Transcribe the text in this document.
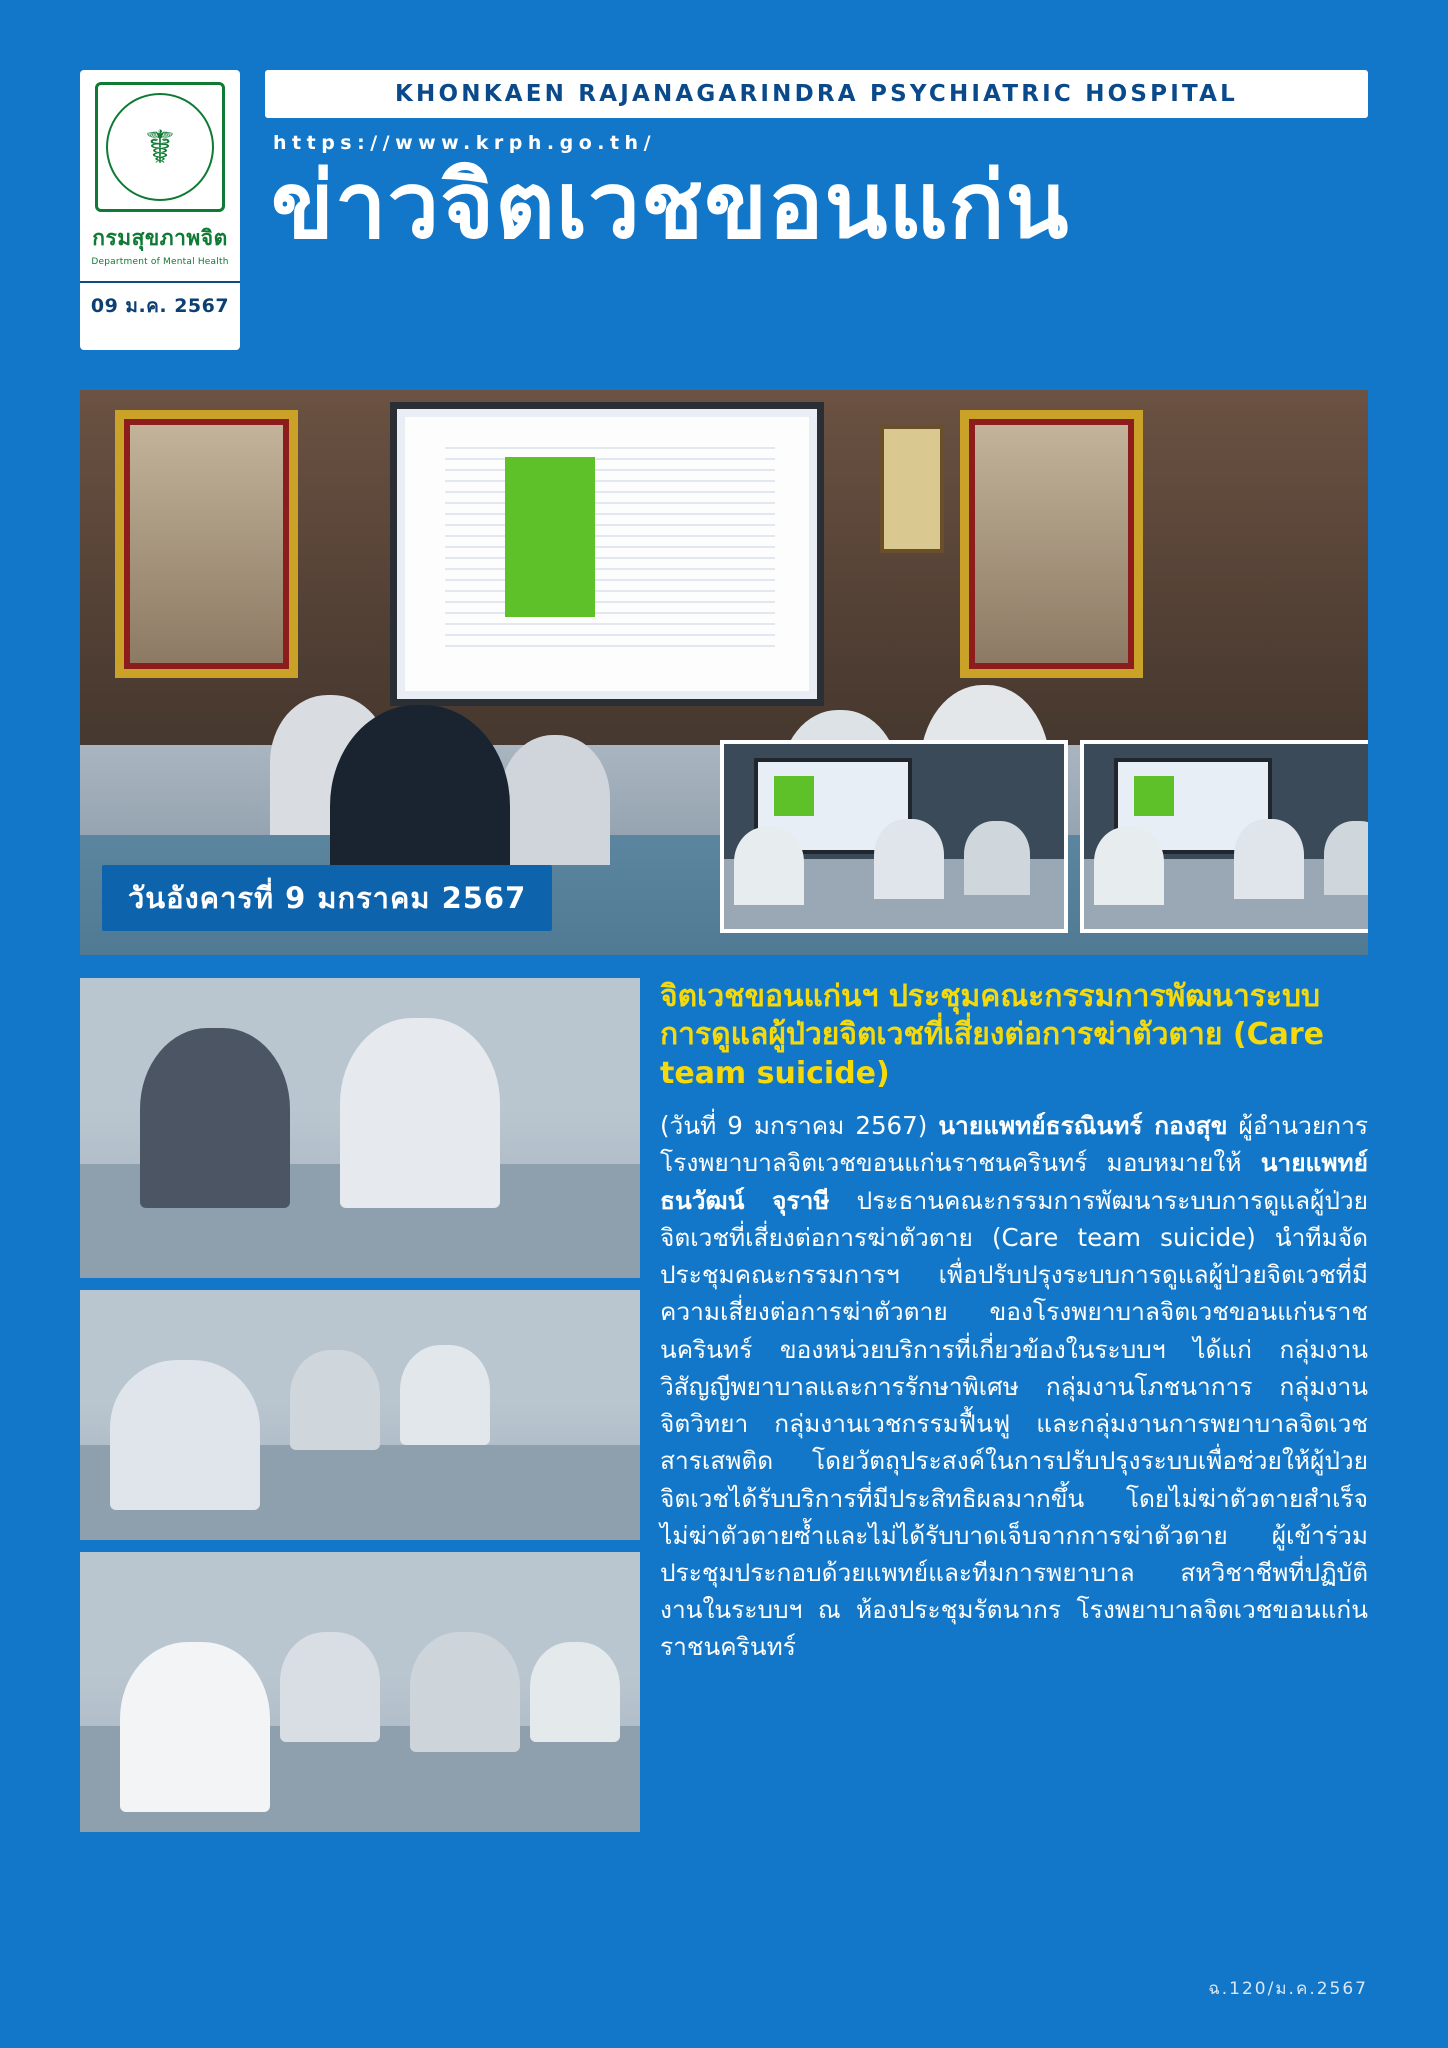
☤
กรมสุขภาพจิต
Department of Mental Health
09 ม.ค. 2567
KHONKAEN RAJANAGARINDRA PSYCHIATRIC HOSPITAL
https://www.krph.go.th/
ข่าวจิตเวชขอนแก่น
วันอังคารที่ 9 มกราคม 2567
จิตเวชขอนแก่นฯ ประชุมคณะกรรมการพัฒนาระบบการดูแลผู้ป่วยจิตเวชที่เสี่ยงต่อการฆ่าตัวตาย (Care team suicide)
(วันที่ 9 มกราคม 2567) นายแพทย์ธรณินทร์ กองสุข ผู้อำนวยการโรงพยาบาลจิตเวชขอนแก่นราชนครินทร์ มอบหมายให้ นายแพทย์ธนวัฒน์ จุราษี ประธานคณะกรรมการพัฒนาระบบการดูแลผู้ป่วยจิตเวชที่เสี่ยงต่อการฆ่าตัวตาย (Care team suicide) นำทีมจัดประชุมคณะกรรมการฯ เพื่อปรับปรุงระบบการดูแลผู้ป่วยจิตเวชที่มีความเสี่ยงต่อการฆ่าตัวตาย ของโรงพยาบาลจิตเวชขอนแก่นราชนครินทร์ ของหน่วยบริการที่เกี่ยวข้องในระบบฯ ได้แก่ กลุ่มงานวิสัญญีพยาบาลและการรักษาพิเศษ กลุ่มงานโภชนาการ กลุ่มงานจิตวิทยา กลุ่มงานเวชกรรมฟื้นฟู และกลุ่มงานการพยาบาลจิตเวชสารเสพติด โดยวัตถุประสงค์ในการปรับปรุงระบบเพื่อช่วยให้ผู้ป่วยจิตเวชได้รับบริการที่มีประสิทธิผลมากขึ้น โดยไม่ฆ่าตัวตายสำเร็จ ไม่ฆ่าตัวตายซ้ำและไม่ได้รับบาดเจ็บจากการฆ่าตัวตาย ผู้เข้าร่วมประชุมประกอบด้วยแพทย์และทีมการพยาบาล สหวิชาชีพที่ปฏิบัติงานในระบบฯ ณ ห้องประชุมรัตนากร โรงพยาบาลจิตเวชขอนแก่นราชนครินทร์
ฉ.120/ม.ค.2567
